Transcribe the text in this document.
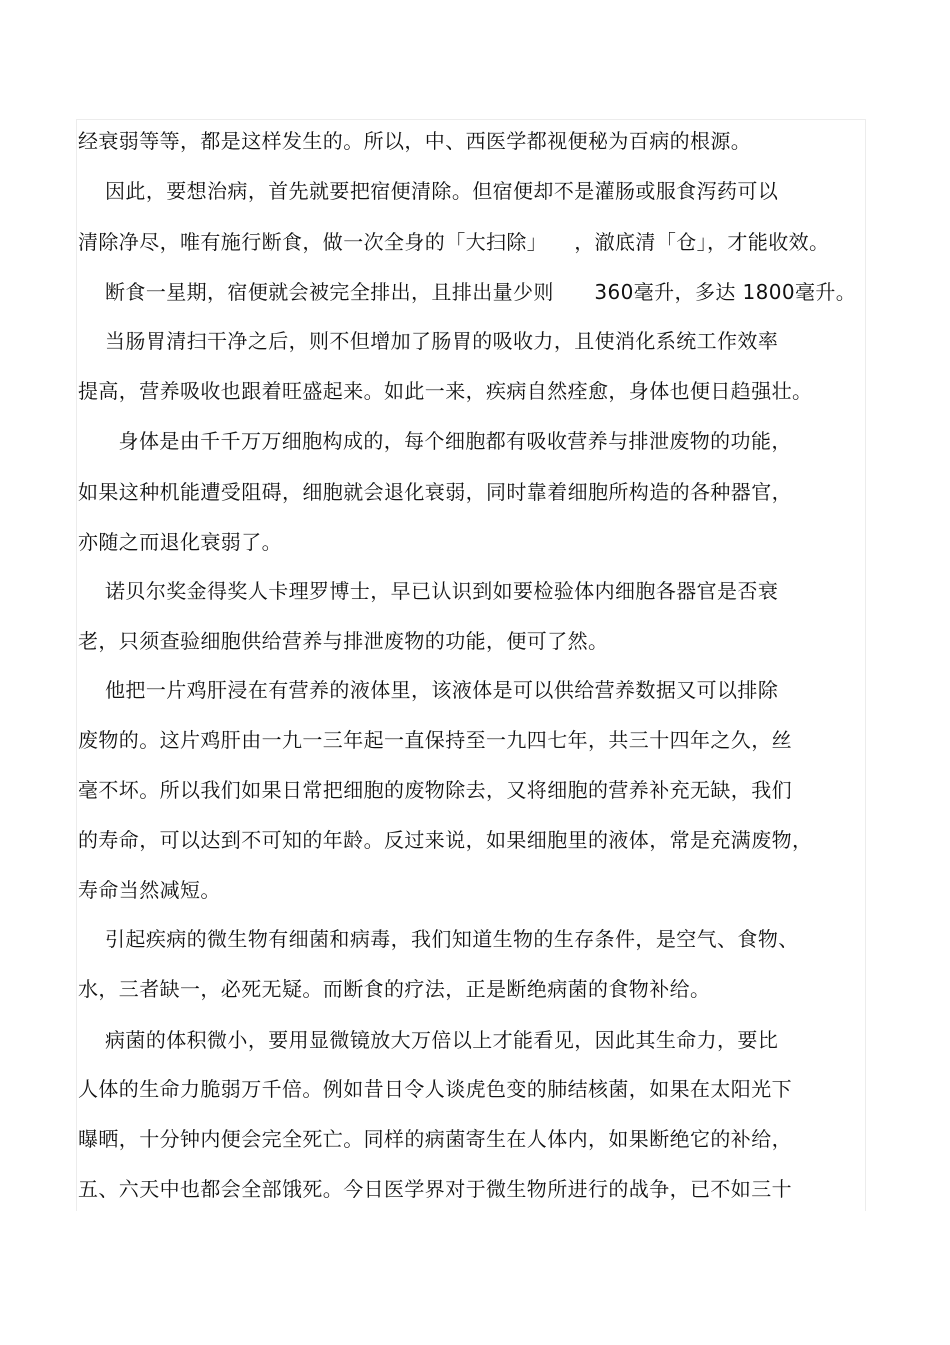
经衰弱等等，都是这样发生的。所以，中、西医学都视便秘为百病的根源。
因此，要想治病，首先就要把宿便清除。但宿便却不是灌肠或服食泻药可以
清除净尽，唯有施行断食，做一次全身的「大扫除」    ，澈底清「仓」，才能收效。
断食一星期，宿便就会被完全排出，且排出量少则      360毫升，多达 1800毫升。
当肠胃清扫干净之后，则不但增加了肠胃的吸收力，且使消化系统工作效率
提高，营养吸收也跟着旺盛起来。如此一来，疾病自然痊愈，身体也便日趋强壮。
身体是由千千万万细胞构成的，每个细胞都有吸收营养与排泄废物的功能，
如果这种机能遭受阻碍，细胞就会退化衰弱，同时靠着细胞所构造的各种器官，
亦随之而退化衰弱了。
诺贝尔奖金得奖人卡理罗博士，早已认识到如要检验体内细胞各器官是否衰
老，只须查验细胞供给营养与排泄废物的功能，便可了然。
他把一片鸡肝浸在有营养的液体里，该液体是可以供给营养数据又可以排除
废物的。这片鸡肝由一九一三年起一直保持至一九四七年，共三十四年之久，丝
毫不坏。所以我们如果日常把细胞的废物除去，又将细胞的营养补充无缺，我们
的寿命，可以达到不可知的年龄。反过来说，如果细胞里的液体，常是充满废物，
寿命当然减短。
引起疾病的微生物有细菌和病毒，我们知道生物的生存条件，是空气、食物、
水，三者缺一，必死无疑。而断食的疗法，正是断绝病菌的食物补给。
病菌的体积微小，要用显微镜放大万倍以上才能看见，因此其生命力，要比
人体的生命力脆弱万千倍。例如昔日令人谈虎色变的肺结核菌，如果在太阳光下
曝晒，十分钟内便会完全死亡。同样的病菌寄生在人体内，如果断绝它的补给，
五、六天中也都会全部饿死。今日医学界对于微生物所进行的战争，已不如三十
